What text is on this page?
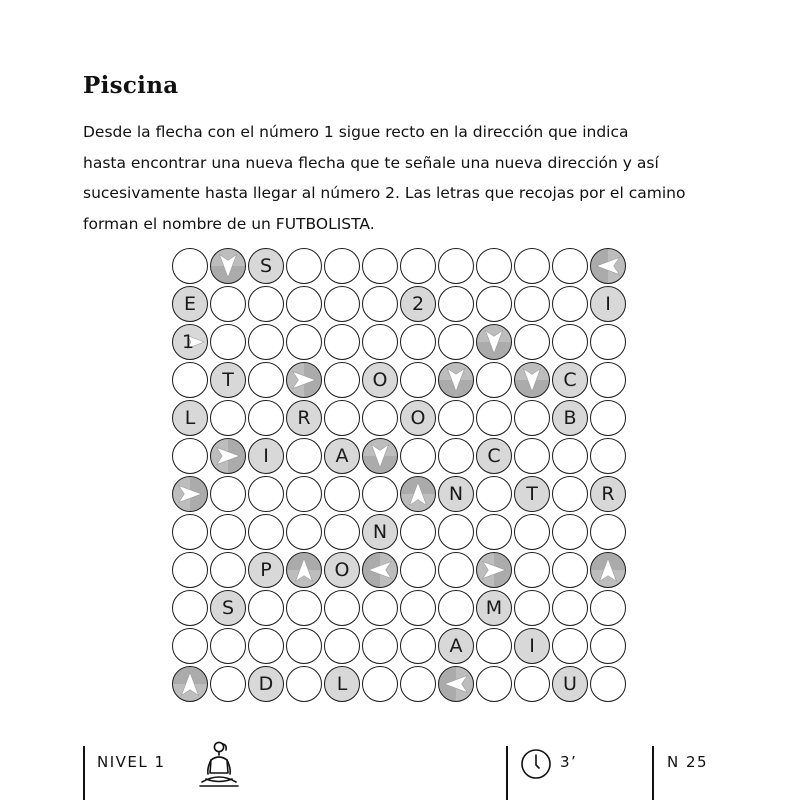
Piscina

Desde la flecha con el número 1 sigue recto en la dirección que indica
hasta encontrar una nueva flecha que te señale una nueva dirección y así
sucesivamente hasta llegar al número 2. Las letras que recojas por el camino
forman el nombre de un FUTBOLISTA.

S
E	2	I
1
T	O	C
L	R	O	B
I	A	C
N	T	R
N
P	O
S	M
A	I
D	L	U
NIVEL 1	3’	N 25
